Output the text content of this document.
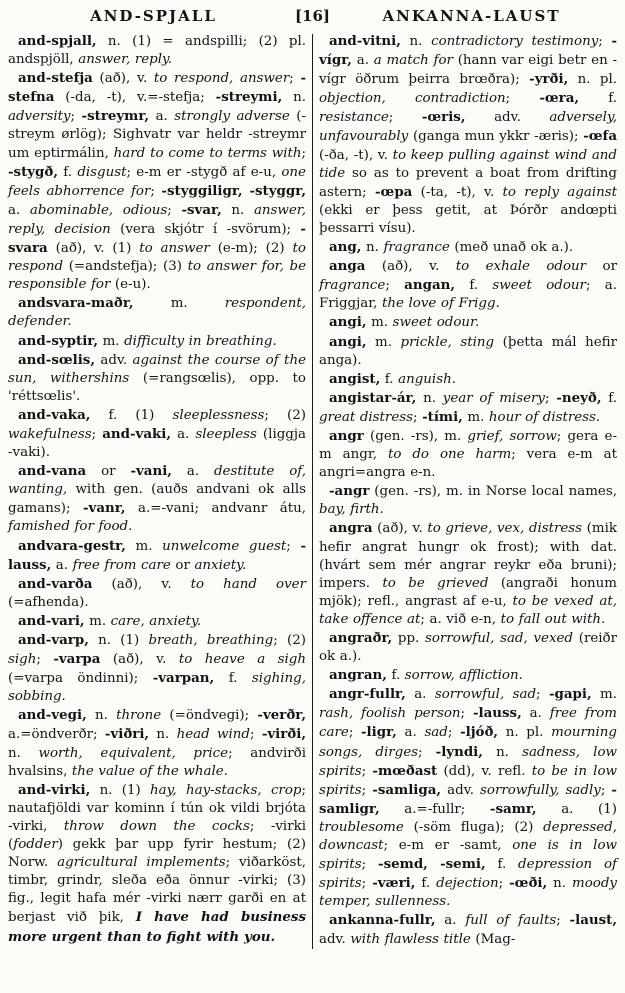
AND-SPJALL	[16]	ANKANNA-LAUST

and-spjall, n. (1) = andspilli; (2) pl. andspjöll, answer, reply.

and-stefja (að), v. to respond, answer; -stefna (-da, -t), v.=-stefja; -streymi, n. adversity; -streymr, a. strongly adverse (-streym ørlög); Sighvatr var heldr -streymr um eptirmálin, hard to come to terms with; -stygð, f. disgust; e-m er -stygð af e-u, one feels abhorrence for; -styggiligr, -styggr, a. abominable, odious; -svar, n. answer, reply, decision (vera skjótr í -svörum); -svara (að), v. (1) to answer (e-m); (2) to respond (=andstefja); (3) to answer for, be responsible for (e-u).

andsvara-maðr, m. respondent, defender.

and-syptir, m. difficulty in breathing.

and-sœlis, adv. against the course of the sun, withershins (=rangsœlis), opp. to 'réttsœlis'.

and-vaka, f. (1) sleeplessness; (2) wakefulness; and-vaki, a. sleepless (liggja -vaki).

and-vana or -vani, a. destitute of, wanting, with gen. (auðs andvani ok alls gamans); -vanr, a.=-vani; andvanr átu, famished for food.

andvara-gestr, m. unwelcome guest; -lauss, a. free from care or anxiety.

and-varða (að), v. to hand over (=afhenda).

and-vari, m. care, anxiety.

and-varp, n. (1) breath, breathing; (2) sigh; -varpa (að), v. to heave a sigh (=varpa öndinni); -varpan, f. sighing, sobbing.

and-vegi, n. throne (=öndvegi); -verðr, a.=öndverðr; -viðri, n. head wind; -virði, n. worth, equivalent, price; andvirði hvalsins, the value of the whale.

and-virki, n. (1) hay, hay-stacks, crop; nautafjöldi var kominn í tún ok vildi brjóta -virki, throw down the cocks; -virki (fodder) gekk þar upp fyrir hestum; (2) Norw. agricultural implements; viðarköst, timbr, grindr, sleða eða önnur -virki; (3) fig., legit hafa mér -virki nærr garði en at berjast við þik, I have had business more urgent than to fight with you.

and-vitni, n. contradictory testimony; -vígr, a. a match for (hann var eigi betr en -vígr öðrum þeirra brœðra); -yrði, n. pl. objection, contradiction; -œra, f. resistance; -œris, adv. adversely, unfavourably (ganga mun ykkr -æris); -œfa (-ða, -t), v. to keep pulling against wind and tide so as to prevent a boat from drifting astern; -œpa (-ta, -t), v. to reply against (ekki er þess getit, at Þórðr andœpti þessarri vísu).

ang, n. fragrance (með unað ok a.).

anga (að), v. to exhale odour or fragrance; angan, f. sweet odour; a. Friggjar, the love of Frigg.

angi, m. sweet odour.

angi, m. prickle, sting (þetta mál hefir anga).

angist, f. anguish.

angistar-ár, n. year of misery; -neyð, f. great distress; -tími, m. hour of distress.

angr (gen. -rs), m. grief, sorrow; gera e-m angr, to do one harm; vera e-m at angri=angra e-n.

-angr (gen. -rs), m. in Norse local names, bay, firth.

angra (að), v. to grieve, vex, distress (mik hefir angrat hungr ok frost); with dat. (hvárt sem mér angrar reykr eða bruni); impers. to be grieved (angraði honum mjök); refl., angrast af e-u, to be vexed at, take offence at; a. við e-n, to fall out with.

angraðr, pp. sorrowful, sad, vexed (reiðr ok a.).

angran, f. sorrow, affliction.

angr-fullr, a. sorrowful, sad; -gapi, m. rash, foolish person; -lauss, a. free from care; -ligr, a. sad; -ljóð, n. pl. mourning songs, dirges; -lyndi, n. sadness, low spirits; -mœðast (dd), v. refl. to be in low spirits; -samliga, adv. sorrowfully, sadly; -samligr, a.=-fullr; -samr, a. (1) troublesome (-söm fluga); (2) depressed, downcast; e-m er -samt, one is in low spirits; -semd, -semi, f. depression of spirits; -væri, f. dejection; -œði, n. moody temper, sullenness.

ankanna-fullr, a. full of faults; -laust, adv. with flawless title (Mag-
